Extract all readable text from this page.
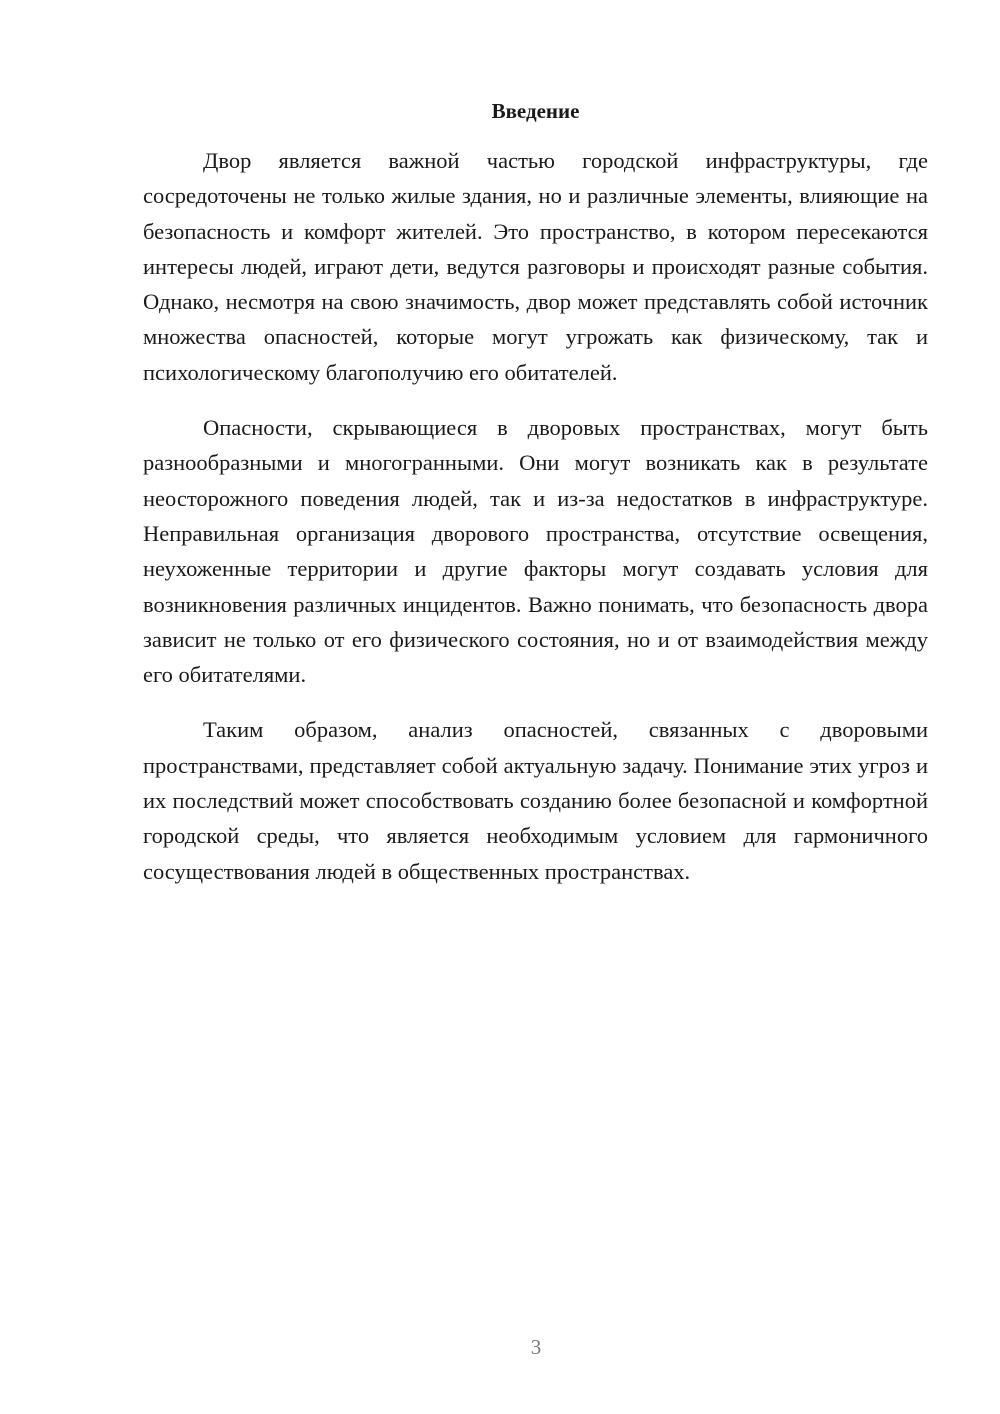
Введение

Двор является важной частью городской инфраструктуры, где сосредоточены не только жилые здания, но и различные элементы, влияющие на безопасность и комфорт жителей. Это пространство, в котором пересекаются интересы людей, играют дети, ведутся разговоры и происходят разные события. Однако, несмотря на свою значимость, двор может представлять собой источник множества опасностей, которые могут угрожать как физическому, так и психологическому благополучию его обитателей.

Опасности, скрывающиеся в дворовых пространствах, могут быть разнообразными и многогранными. Они могут возникать как в результате неосторожного поведения людей, так и из-за недостатков в инфраструктуре. Неправильная организация дворового пространства, отсутствие освещения, неухоженные территории и другие факторы могут создавать условия для возникновения различных инцидентов. Важно понимать, что безопасность двора зависит не только от его физического состояния, но и от взаимодействия между его обитателями.

Таким образом, анализ опасностей, связанных с дворовыми пространствами, представляет собой актуальную задачу. Понимание этих угроз и их последствий может способствовать созданию более безопасной и комфортной городской среды, что является необходимым условием для гармоничного сосуществования людей в общественных пространствах.

3
